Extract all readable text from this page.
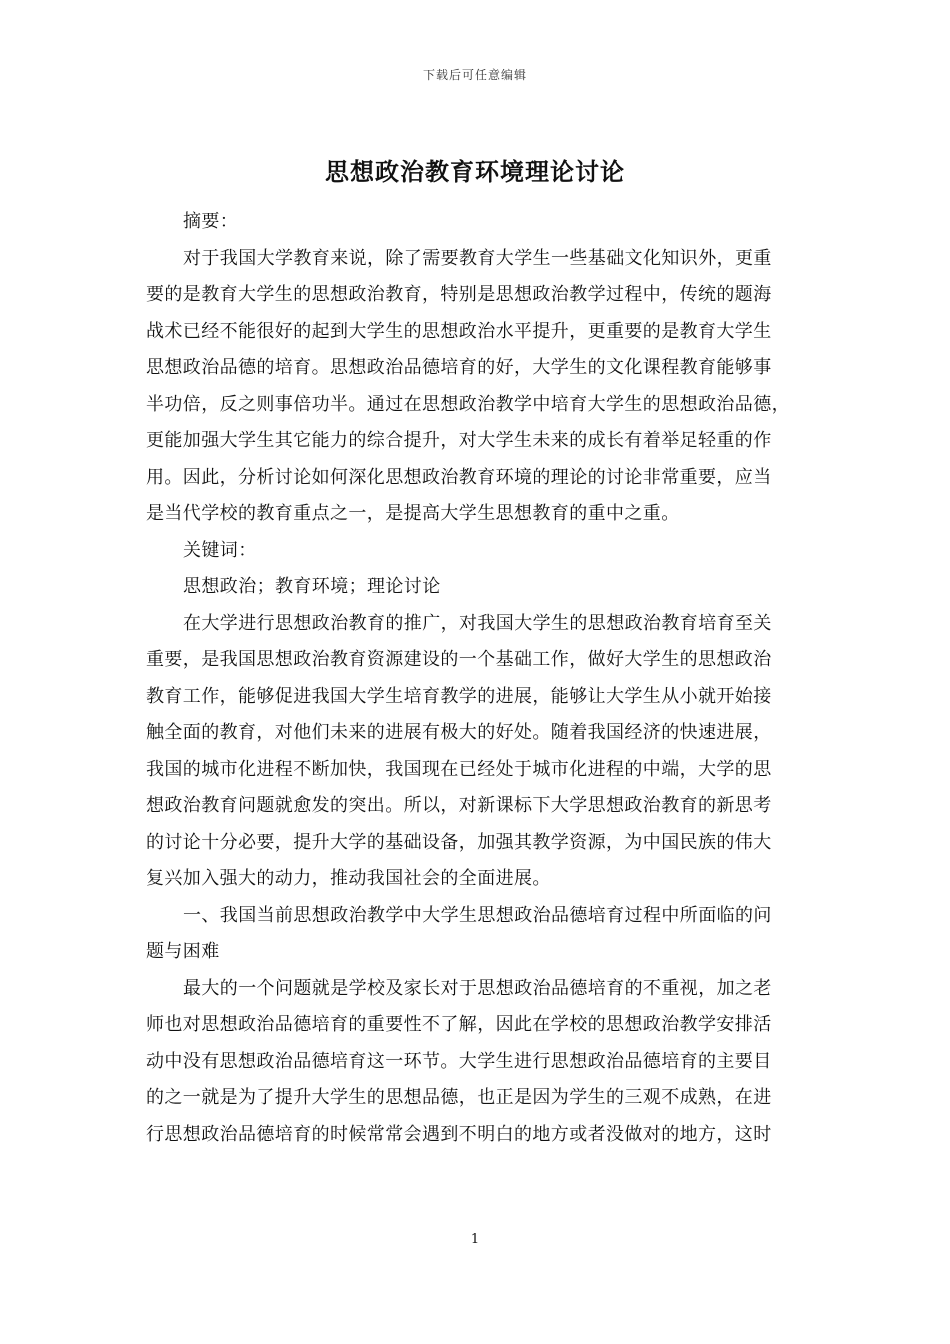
下载后可任意编辑
思想政治教育环境理论讨论
摘要：
对于我国大学教育来说，除了需要教育大学生一些基础文化知识外，更重
要的是教育大学生的思想政治教育，特别是思想政治教学过程中，传统的题海
战术已经不能很好的起到大学生的思想政治水平提升，更重要的是教育大学生
思想政治品德的培育。思想政治品德培育的好，大学生的文化课程教育能够事
半功倍，反之则事倍功半。通过在思想政治教学中培育大学生的思想政治品德，
更能加强大学生其它能力的综合提升，对大学生未来的成长有着举足轻重的作
用。因此，分析讨论如何深化思想政治教育环境的理论的讨论非常重要，应当
是当代学校的教育重点之一，是提高大学生思想教育的重中之重。
关键词：
思想政治；教育环境；理论讨论
在大学进行思想政治教育的推广，对我国大学生的思想政治教育培育至关
重要，是我国思想政治教育资源建设的一个基础工作，做好大学生的思想政治
教育工作，能够促进我国大学生培育教学的进展，能够让大学生从小就开始接
触全面的教育，对他们未来的进展有极大的好处。随着我国经济的快速进展，
我国的城市化进程不断加快，我国现在已经处于城市化进程的中端，大学的思
想政治教育问题就愈发的突出。所以，对新课标下大学思想政治教育的新思考
的讨论十分必要，提升大学的基础设备，加强其教学资源，为中国民族的伟大
复兴加入强大的动力，推动我国社会的全面进展。
一、我国当前思想政治教学中大学生思想政治品德培育过程中所面临的问
题与困难
最大的一个问题就是学校及家长对于思想政治品德培育的不重视，加之老
师也对思想政治品德培育的重要性不了解，因此在学校的思想政治教学安排活
动中没有思想政治品德培育这一环节。大学生进行思想政治品德培育的主要目
的之一就是为了提升大学生的思想品德，也正是因为学生的三观不成熟，在进
行思想政治品德培育的时候常常会遇到不明白的地方或者没做对的地方，这时
1
